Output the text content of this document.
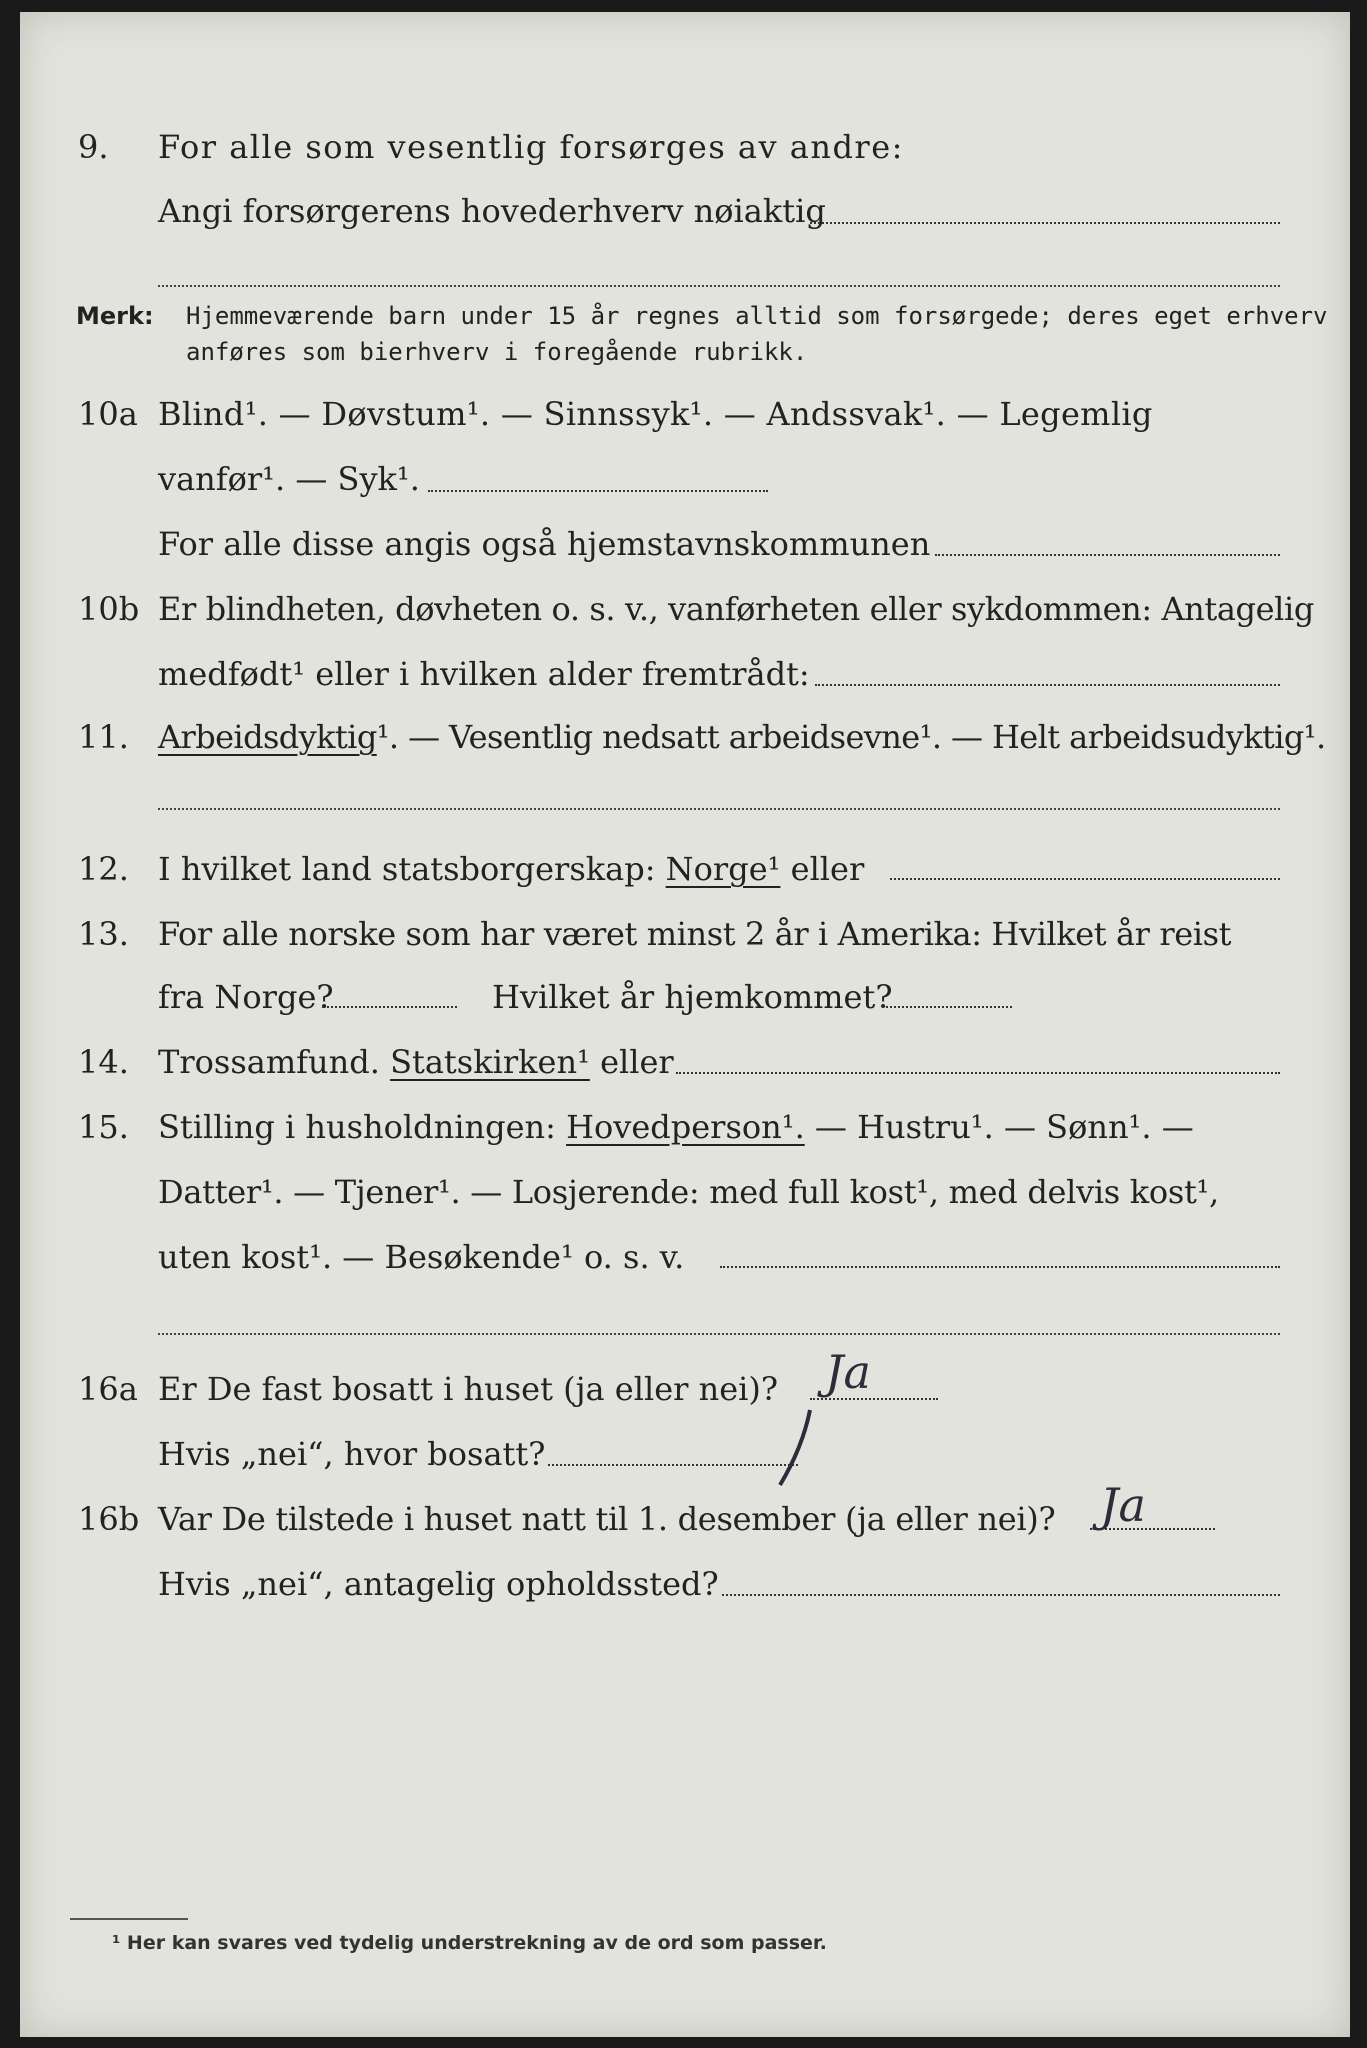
9. For alle som vesentlig forsørges av andre:
Angi forsørgerens hovederhverv nøiaktig
Merk: Hjemmeværende barn under 15 år regnes alltid som forsørgede; deres eget erhverv
anføres som bierhverv i foregående rubrikk.
10a Blind¹. — Døvstum¹. — Sinnssyk¹. — Andssvak¹. — Legemlig
vanfør¹. — Syk¹.
For alle disse angis også hjemstavnskommunen
10b Er blindheten, døvheten o. s. v., vanførheten eller sykdommen: Antagelig
medfødt¹ eller i hvilken alder fremtrådt:
11. Arbeidsdyktig¹. — Vesentlig nedsatt arbeidsevne¹. — Helt arbeidsudyktig¹.
12. I hvilket land statsborgerskap: Norge¹ eller
13. For alle norske som har været minst 2 år i Amerika: Hvilket år reist
fra Norge?	Hvilket år hjemkommet?
14. Trossamfund. Statskirken¹ eller
15. Stilling i husholdningen: Hovedperson¹. — Hustru¹. — Sønn¹. —
Datter¹. — Tjener¹. — Losjerende: med full kost¹, med delvis kost¹,
uten kost¹. — Besøkende¹ o. s. v.
16a Er De fast bosatt i huset (ja eller nei)? Ja
Hvis „nei“, hvor bosatt?
16b Var De tilstede i huset natt til 1. desember (ja eller nei)? Ja
Hvis „nei“, antagelig opholdssted?
¹ Her kan svares ved tydelig understrekning av de ord som passer.
